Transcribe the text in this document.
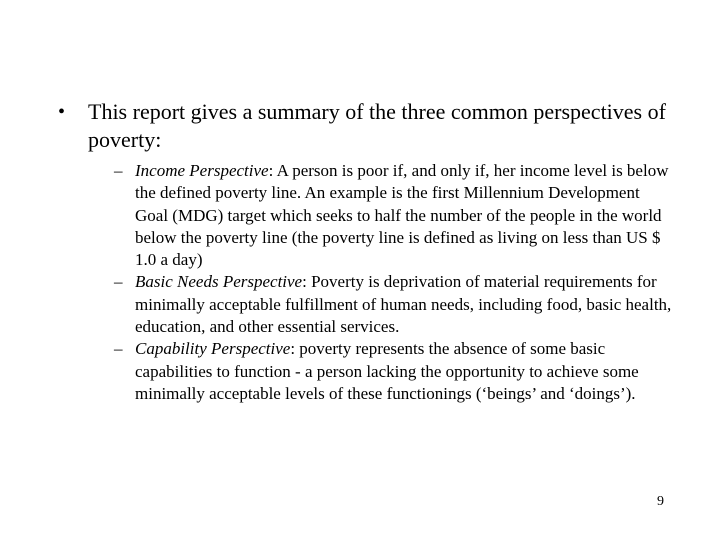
•	This report gives a summary of the three common perspectives of poverty:
– Income Perspective: A person is poor if, and only if, her income level is below the defined poverty line. An example is the first Millennium Development Goal (MDG) target which seeks to half the number of the people in the world below the poverty line (the poverty line is defined as living on less than US $ 1.0 a day)
– Basic Needs Perspective: Poverty is deprivation of material requirements for minimally acceptable fulfillment of human needs, including food, basic health, education, and other essential services.
– Capability Perspective: poverty represents the absence of some basic capabilities to function - a person lacking the opportunity to achieve some minimally acceptable levels of these functionings (‘beings’ and ‘doings’).
9
